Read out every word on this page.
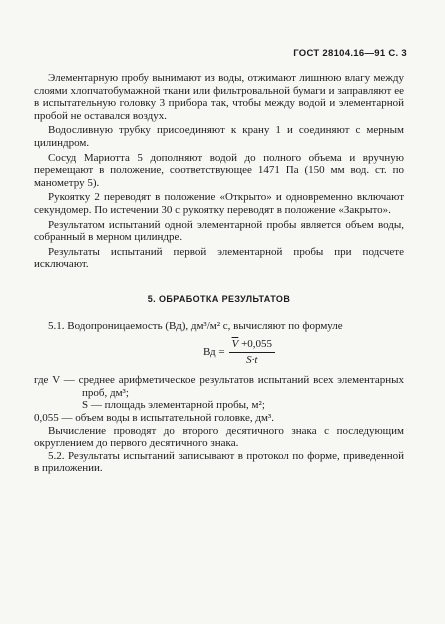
ГОСТ 28104.16—91 С. 3

Элементарную пробу вынимают из воды, отжимают лишнюю влагу между слоями хлопчатобумажной ткани или фильтровальной бумаги и заправляют ее в испытательную головку 3 прибора так, чтобы между водой и элементарной пробой не оставался воздух.

Водосливную трубку присоединяют к крану 1 и соединяют с мерным цилиндром.

Сосуд Мариотта 5 дополняют водой до полного объема и вручную перемещают в положение, соответствующее 1471 Па (150 мм вод. ст. по манометру 5).

Рукоятку 2 переводят в положение «Открыто» и одновременно включают секундомер. По истечении 30 с рукоятку переводят в положение «Закрыто».

Результатом испытаний одной элементарной пробы является объем воды, собранный в мерном цилиндре.

Результаты испытаний первой элементарной пробы при подсчете исключают.

5. ОБРАБОТКА РЕЗУЛЬТАТОВ

5.1. Водопроницаемость (Вд), дм³/м² с, вычисляют по формуле

Вд = $\frac{\overline{V} +0,055}{S\cdot t}$

где V — среднее арифметическое результатов испытаний всех элементарных проб, дм³;

S — площадь элементарной пробы, м²;

0,055 — объем воды в испытательной головке, дм³.

Вычисление проводят до второго десятичного знака с последующим округлением до первого десятичного знака.

5.2. Результаты испытаний записывают в протокол по форме, приведенной в приложении.
